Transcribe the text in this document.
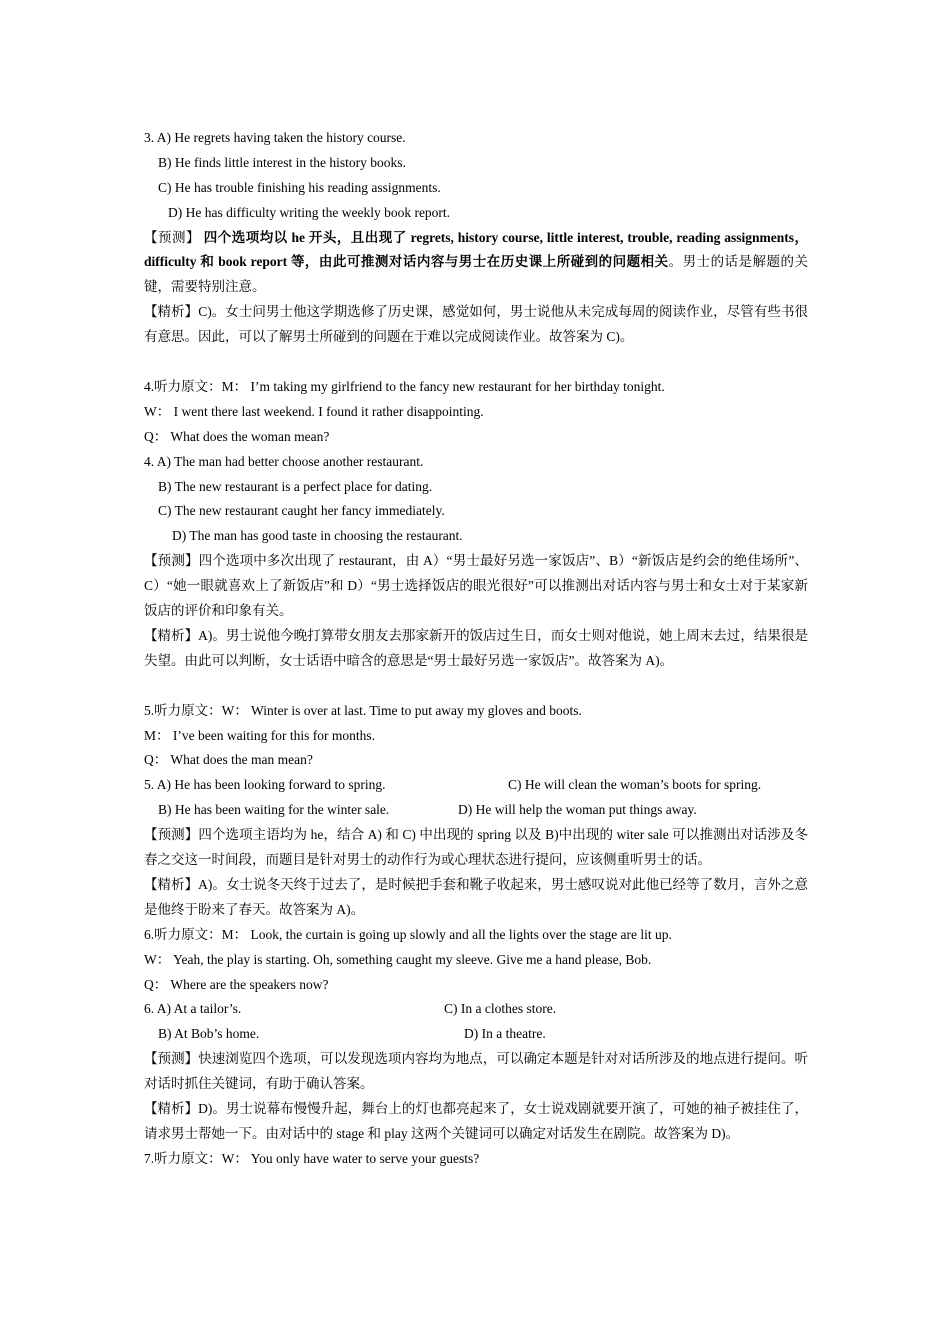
3. A) He regrets having taken the history course.
B) He finds little interest in the history books.
C) He has trouble finishing his reading assignments.
D) He has difficulty writing the weekly book report.
【预测】 四个选项均以 he 开头，且出现了 regrets, history course, little interest, trouble, reading assignments，difficulty 和 book report 等，由此可推测对话内容与男士在历史课上所碰到的问题相关。男士的话是解题的关键，需要特别注意。
【精析】C)。女士问男士他这学期选修了历史课，感觉如何，男士说他从未完成每周的阅读作业，尽管有些书很有意思。因此，可以了解男士所碰到的问题在于难以完成阅读作业。故答案为 C)。
4.听力原文：M： I’m taking my girlfriend to the fancy new restaurant for her birthday tonight.
W： I went there last weekend. I found it rather disappointing.
Q： What does the woman mean?
4. A) The man had better choose another restaurant.
B) The new restaurant is a perfect place for dating.
C) The new restaurant caught her fancy immediately.
D) The man has good taste in choosing the restaurant.
【预测】四个选项中多次出现了 restaurant，由 A）“男士最好另选一家饭店”、B）“新饭店是约会的绝佳场所”、C）“她一眼就喜欢上了新饭店”和 D）“男士选择饭店的眼光很好”可以推测出对话内容与男士和女士对于某家新饭店的评价和印象有关。
【精析】A)。男士说他今晚打算带女朋友去那家新开的饭店过生日，而女士则对他说，她上周末去过，结果很是失望。由此可以判断，女士话语中暗含的意思是“男士最好另选一家饭店”。故答案为 A)。
5.听力原文：W： Winter is over at last. Time to put away my gloves and boots.
M： I’ve been waiting for this for months.
Q： What does the man mean?
5. A) He has been looking forward to spring.	C) He will clean the woman’s boots for spring.
B) He has been waiting for the winter sale.	D) He will help the woman put things away.
【预测】四个选项主语均为 he，结合 A) 和 C) 中出现的 spring 以及 B)中出现的 witer sale 可以推测出对话涉及冬春之交这一时间段，而题目是针对男士的动作行为或心理状态进行提问，应该侧重听男士的话。
【精析】A)。女士说冬天终于过去了，是时候把手套和靴子收起来，男士感叹说对此他已经等了数月，言外之意是他终于盼来了春天。故答案为 A)。
6.听力原文：M： Look, the curtain is going up slowly and all the lights over the stage are lit up.
W： Yeah, the play is starting. Oh, something caught my sleeve. Give me a hand please, Bob.
Q： Where are the speakers now?
6. A) At a tailor’s.	C) In a clothes store.
B) At Bob’s home.	D) In a theatre.
【预测】快速浏览四个选项，可以发现选项内容均为地点，可以确定本题是针对对话所涉及的地点进行提问。听对话时抓住关键词，有助于确认答案。
【精析】D)。男士说幕布慢慢升起，舞台上的灯也都亮起来了，女士说戏剧就要开演了，可她的袖子被挂住了，请求男士帮她一下。由对话中的 stage 和 play 这两个关键词可以确定对话发生在剧院。故答案为 D)。
7.听力原文：W： You only have water to serve your guests?
